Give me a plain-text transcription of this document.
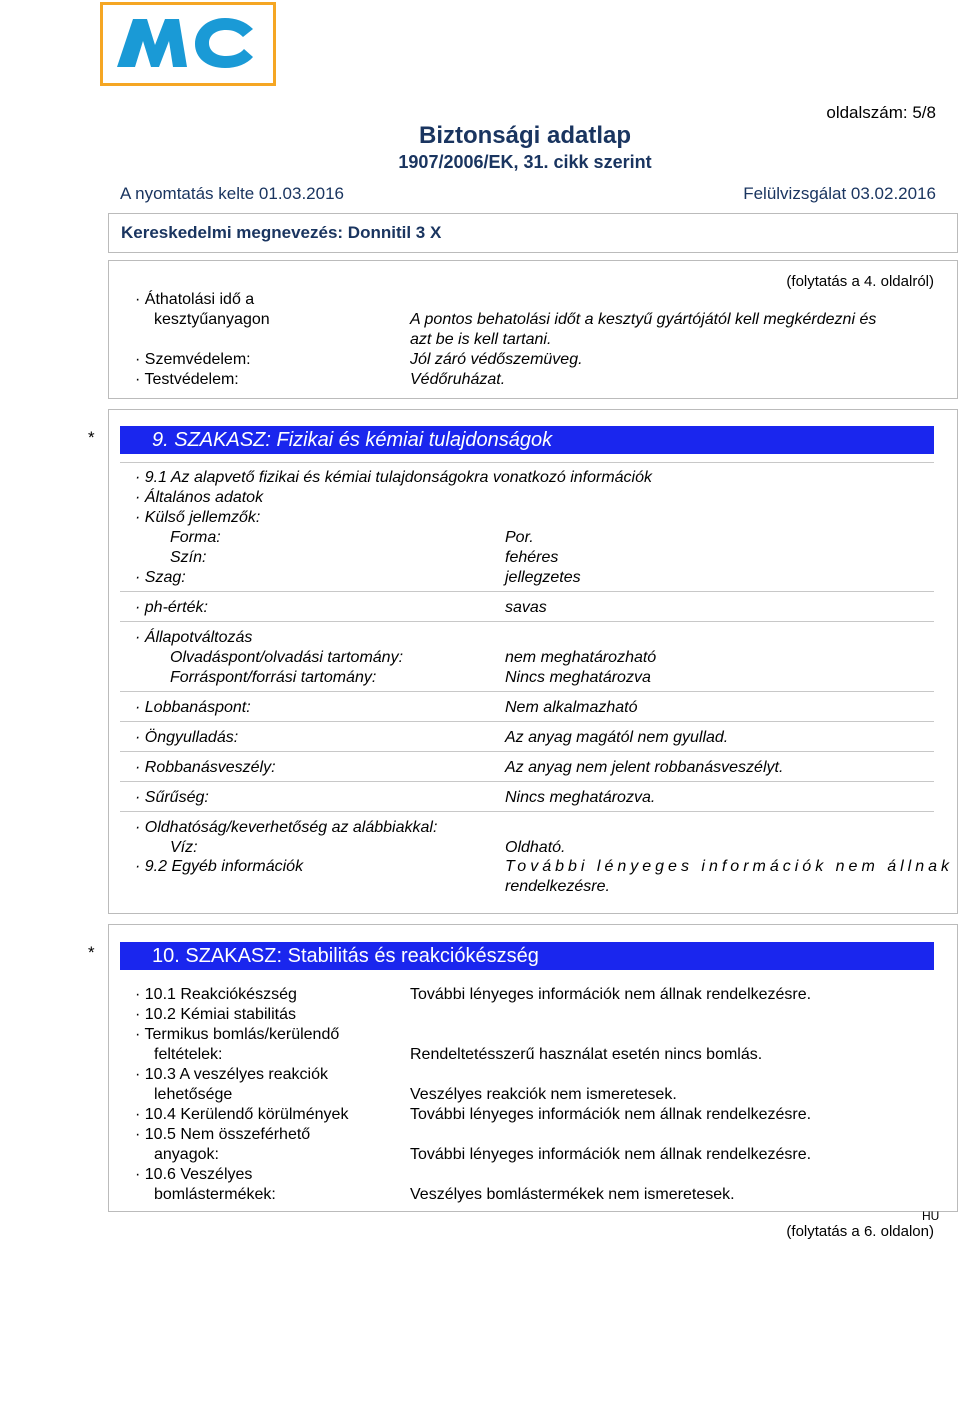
oldalszám: 5/8
Biztonsági adatlap
1907/2006/EK, 31. cikk szerint
A nyomtatás kelte 01.03.2016	Felülvizsgálat 03.02.2016
Kereskedelmi megnevezés: Donnitil 3 X
(folytatás a 4. oldalról)
· Áthatolási idő a
kesztyűanyagon	A pontos behatolási időt a kesztyű gyártójától kell megkérdezni és
azt be is kell tartani.
· Szemvédelem:	Jól záró védőszemüveg.
· Testvédelem:	Védőruházat.
*	9. SZAKASZ: Fizikai és kémiai tulajdonságok
· 9.1 Az alapvető fizikai és kémiai tulajdonságokra vonatkozó információk
· Általános adatok
· Külső jellemzők:
Forma:	Por.
Szín:	fehéres
· Szag:	jellegzetes
· ph-érték:	savas
· Állapotváltozás
Olvadáspont/olvadási tartomány:	nem meghatározható
Forráspont/forrási tartomány:	Nincs meghatározva
· Lobbanáspont:	Nem alkalmazható
· Öngyulladás:	Az anyag magától nem gyullad.
· Robbanásveszély:	Az anyag nem jelent robbanásveszélyt.
· Sűrűség:	Nincs meghatározva.
· Oldhatóság/keverhetőség az alábbiakkal:
Víz:	Oldható.
· 9.2 Egyéb információk	További lényeges információk nem állnak
rendelkezésre.
*	10. SZAKASZ: Stabilitás és reakciókészség
· 10.1 Reakciókészség	További lényeges információk nem állnak rendelkezésre.
· 10.2 Kémiai stabilitás
· Termikus bomlás/kerülendő
feltételek:	Rendeltetésszerű használat esetén nincs bomlás.
· 10.3 A veszélyes reakciók
lehetősége	Veszélyes reakciók nem ismeretesek.
· 10.4 Kerülendő körülmények	További lényeges információk nem állnak rendelkezésre.
· 10.5 Nem összeférhető
anyagok:	További lényeges információk nem állnak rendelkezésre.
· 10.6 Veszélyes
bomlástermékek:	Veszélyes bomlástermékek nem ismeretesek.
HU
(folytatás a 6. oldalon)
